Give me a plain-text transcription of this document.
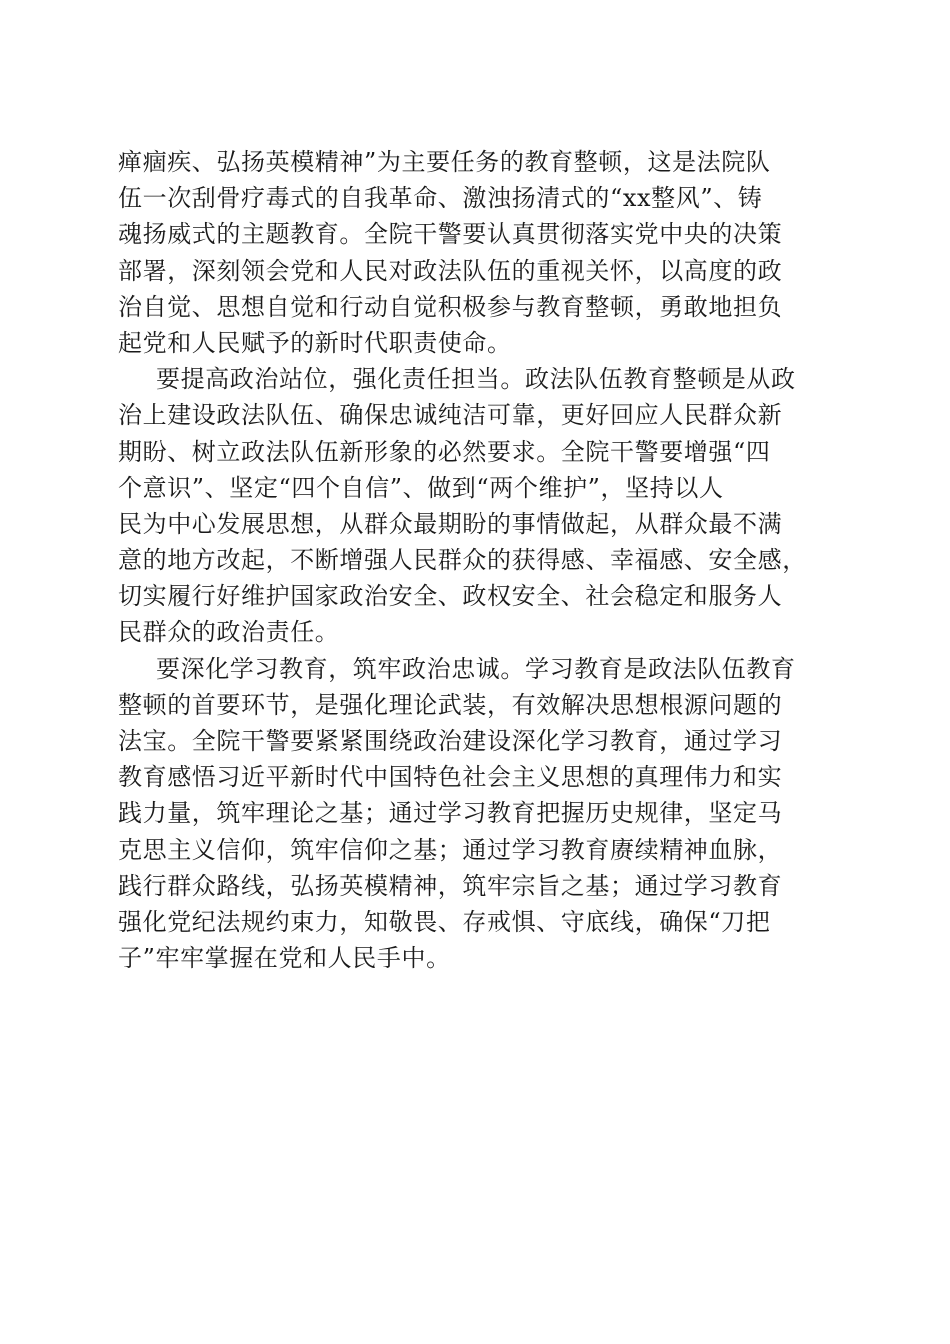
瘅痼疾、弘扬英模精神”为主要任务的教育整顿，这是法院队
伍一次刮骨疗毒式的自我革命、激浊扬清式的“xx整风”、铸
魂扬威式的主题教育。全院干警要认真贯彻落实党中央的决策
部署，深刻领会党和人民对政法队伍的重视关怀，以高度的政
治自觉、思想自觉和行动自觉积极参与教育整顿，勇敢地担负
起党和人民赋予的新时代职责使命。
要提高政治站位，强化责任担当。政法队伍教育整顿是从政
治上建设政法队伍、确保忠诚纯洁可靠，更好回应人民群众新
期盼、树立政法队伍新形象的必然要求。全院干警要增强“四
个意识”、坚定“四个自信”、做到“两个维护”，坚持以人
民为中心发展思想，从群众最期盼的事情做起，从群众最不满
意的地方改起，不断增强人民群众的获得感、幸福感、安全感，
切实履行好维护国家政治安全、政权安全、社会稳定和服务人
民群众的政治责任。
要深化学习教育，筑牢政治忠诚。学习教育是政法队伍教育
整顿的首要环节，是强化理论武装，有效解决思想根源问题的
法宝。全院干警要紧紧围绕政治建设深化学习教育，通过学习
教育感悟习近平新时代中国特色社会主义思想的真理伟力和实
践力量，筑牢理论之基；通过学习教育把握历史规律，坚定马
克思主义信仰，筑牢信仰之基；通过学习教育赓续精神血脉，
践行群众路线，弘扬英模精神，筑牢宗旨之基；通过学习教育
强化党纪法规约束力，知敬畏、存戒惧、守底线，确保“刀把
子”牢牢掌握在党和人民手中。
